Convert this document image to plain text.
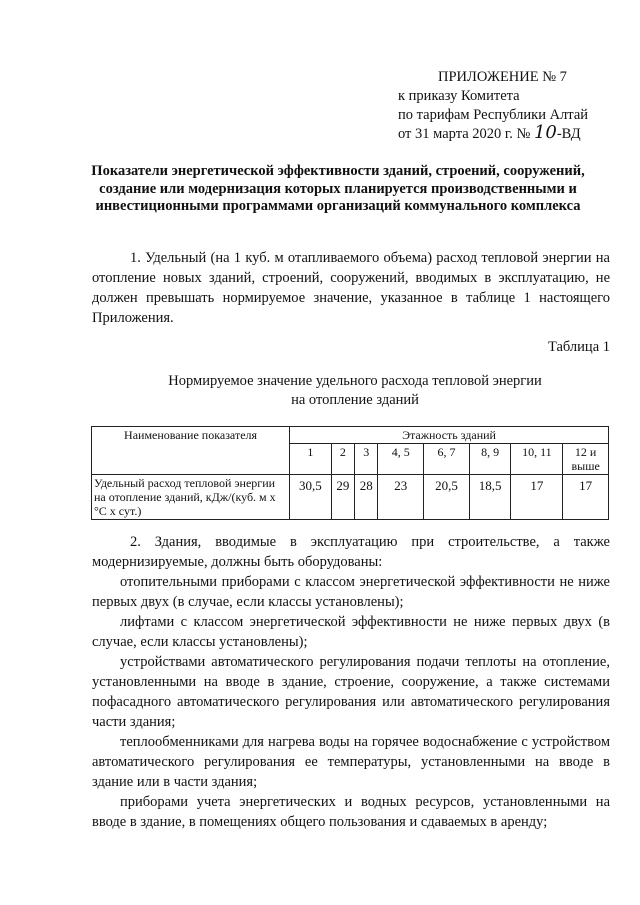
ПРИЛОЖЕНИЕ № 7
к приказу Комитета
по тарифам Республики Алтай
от 31 марта 2020 г. № 10-ВД
Показатели энергетической эффективности зданий, строений, сооружений, создание или модернизация которых планируется производственными и инвестиционными программами организаций коммунального комплекса
1. Удельный (на 1 куб. м отапливаемого объема) расход тепловой энергии на отопление новых зданий, строений, сооружений, вводимых в эксплуатацию, не должен превышать нормируемое значение, указанное в таблице 1 настоящего Приложения.
Таблица 1
Нормируемое значение удельного расхода тепловой энергии
на отопление зданий
Наименование показателя	Этажность зданий							
	1	2	3	4, 5	6, 7	8, 9	10, 11	12 и выше
Удельный расход тепловой энергии на отопление зданий, кДж/(куб. м x °С x сут.)	30,5	29	28	23	20,5	18,5	17	17
2. Здания, вводимые в эксплуатацию при строительстве, а также модернизируемые, должны быть оборудованы:
отопительными приборами с классом энергетической эффективности не ниже первых двух (в случае, если классы установлены);
лифтами с классом энергетической эффективности не ниже первых двух (в случае, если классы установлены);
устройствами автоматического регулирования подачи теплоты на отопление, установленными на вводе в здание, строение, сооружение, а также системами пофасадного автоматического регулирования или автоматического регулирования части здания;
теплообменниками для нагрева воды на горячее водоснабжение с устройством автоматического регулирования ее температуры, установленными на вводе в здание или в части здания;
приборами учета энергетических и водных ресурсов, установленными на вводе в здание, в помещениях общего пользования и сдаваемых в аренду;
